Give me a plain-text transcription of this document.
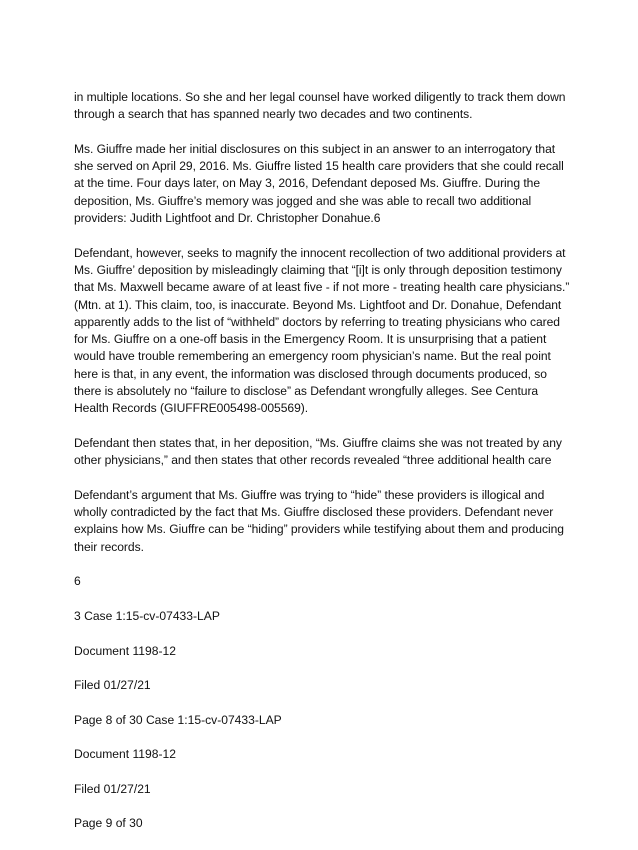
in multiple locations. So she and her legal counsel have worked diligently to track them down through a search that has spanned nearly two decades and two continents.

Ms. Giuffre made her initial disclosures on this subject in an answer to an interrogatory that she served on April 29, 2016. Ms. Giuffre listed 15 health care providers that she could recall at the time. Four days later, on May 3, 2016, Defendant deposed Ms. Giuffre. During the deposition, Ms. Giuffre’s memory was jogged and she was able to recall two additional providers: Judith Lightfoot and Dr. Christopher Donahue.6

Defendant, however, seeks to magnify the innocent recollection of two additional providers at Ms. Giuffre’ deposition by misleadingly claiming that “[i]t is only through deposition testimony that Ms. Maxwell became aware of at least five - if not more - treating health care physicians.” (Mtn. at 1). This claim, too, is inaccurate. Beyond Ms. Lightfoot and Dr. Donahue, Defendant apparently adds to the list of “withheld” doctors by referring to treating physicians who cared for Ms. Giuffre on a one-off basis in the Emergency Room. It is unsurprising that a patient would have trouble remembering an emergency room physician’s name. But the real point here is that, in any event, the information was disclosed through documents produced, so there is absolutely no “failure to disclose” as Defendant wrongfully alleges. See Centura Health Records (GIUFFRE005498-005569).

Defendant then states that, in her deposition, “Ms. Giuffre claims she was not treated by any other physicians,” and then states that other records revealed “three additional health care

Defendant’s argument that Ms. Giuffre was trying to “hide” these providers is illogical and wholly contradicted by the fact that Ms. Giuffre disclosed these providers. Defendant never explains how Ms. Giuffre can be “hiding” providers while testifying about them and producing their records.

6

3 Case 1:15-cv-07433-LAP

Document 1198-12

Filed 01/27/21

Page 8 of 30 Case 1:15-cv-07433-LAP

Document 1198-12

Filed 01/27/21

Page 9 of 30
